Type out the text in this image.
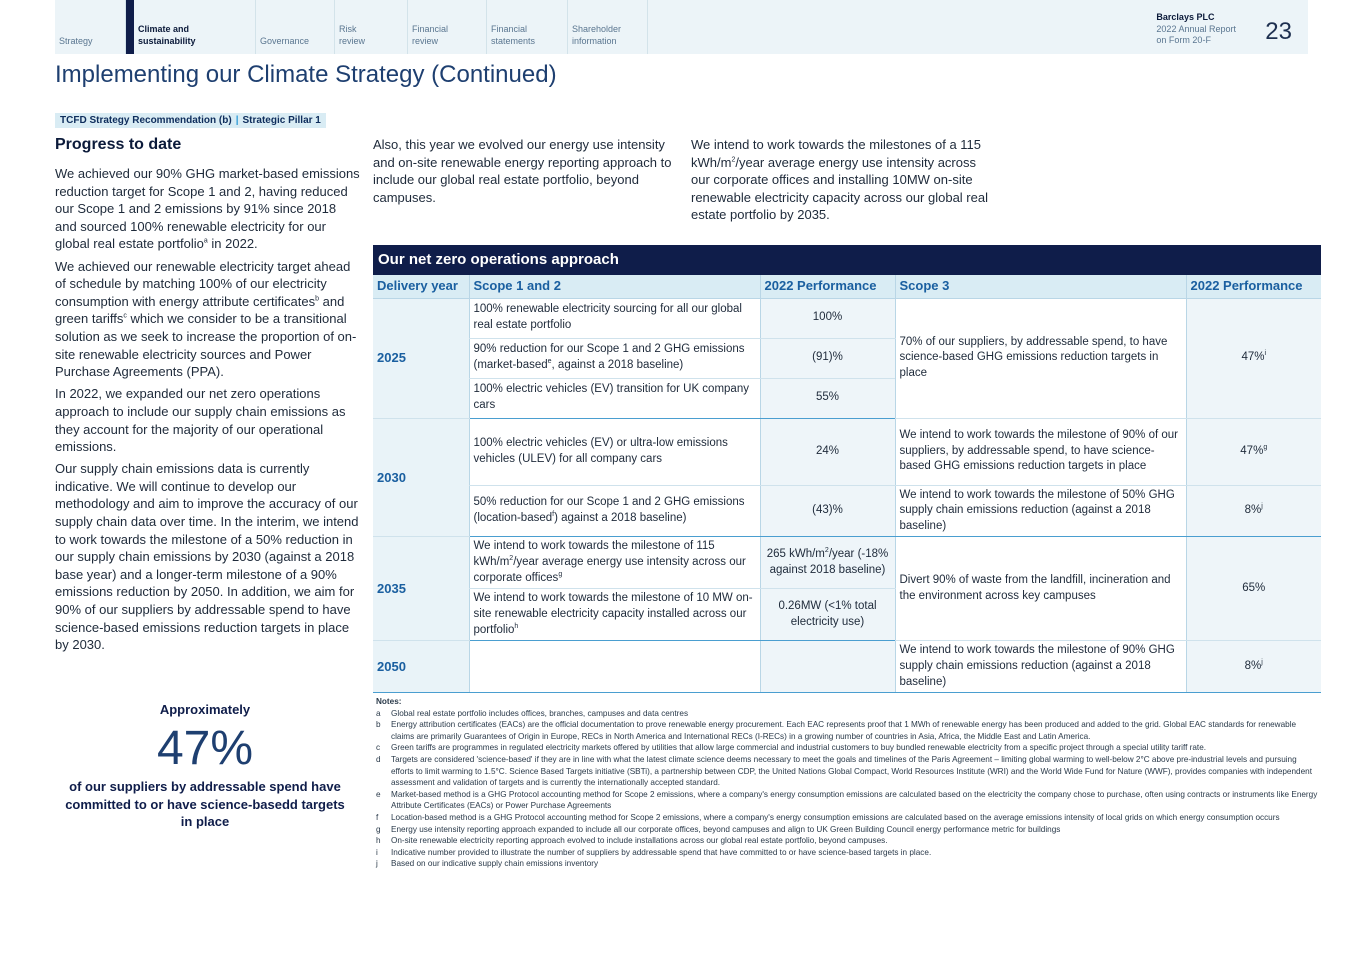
Strategy
Climate and
sustainability	Governance
Risk
review
Financial
review
Financial
statements
Shareholder
information
Barclays PLC
2022 Annual Report
on Form 20-F	23
Implementing our Climate Strategy (Continued)
TCFD Strategy Recommendation (b) | Strategic Pillar 1
Progress to date

We achieved our 90% GHG market-based emissions reduction target for Scope 1 and 2, having reduced our Scope 1 and 2 emissions by 91% since 2018 and sourced 100% renewable electricity for our global real estate portfolio$^a$ in 2022.

We achieved our renewable electricity target ahead of schedule by matching 100% of our electricity consumption with energy attribute certificates$^b$ and green tariffs$^c$ which we consider to be a transitional solution as we seek to increase the proportion of on-site renewable electricity sources and Power Purchase Agreements (PPA).

In 2022, we expanded our net zero operations approach to include our supply chain emissions as they account for the majority of our operational emissions.

Our supply chain emissions data is currently indicative. We will continue to develop our methodology and aim to improve the accuracy of our supply chain data over time. In the interim, we intend to work towards the milestone of a 50% reduction in our supply chain emissions by 2030 (against a 2018 base year) and a longer-term milestone of a 90% emissions reduction by 2050. In addition, we aim for 90% of our suppliers by addressable spend to have science-based emissions reduction targets in place by 2030.

Approximately
47%
of our suppliers by addressable spend have committed to or have science-basedd targets in place
Also, this year we evolved our energy use intensity and on-site renewable energy reporting approach to include our global real estate portfolio, beyond campuses.
We intend to work towards the milestones of a 115 kWh/$m^2$/year average energy use intensity across our corporate offices and installing 10MW on-site renewable electricity capacity across our global real estate portfolio by 2035.
Our net zero operations approach
Delivery year	Scope 1 and 2	2022 Performance	Scope 3	2022 Performance
2025	100% renewable electricity sourcing for all our global real estate portfolio	100%	70% of our suppliers, by addressable spend, to have science-based GHG emissions reduction targets in place	47%$^i$
	90% reduction for our Scope 1 and 2 GHG emissions (market-based$^e$, against a 2018 baseline)	(91)%		
	100% electric vehicles (EV) transition for UK company cars	55%		
2030	100% electric vehicles (EV) or ultra-low emissions vehicles (ULEV) for all company cars	24%	We intend to work towards the milestone of 90% of our suppliers, by addressable spend, to have science-based GHG emissions reduction targets in place	47%$^g$
	50% reduction for our Scope 1 and 2 GHG emissions (location-based$^f$) against a 2018 baseline)	(43)%	We intend to work towards the milestone of 50% GHG supply chain emissions reduction (against a 2018 baseline)	8%$^j$
2035	We intend to work towards the milestone of 115 kWh/$m^2$/year average energy use intensity across our corporate offices$^g$	265 kWh/$m^2$/year (-18% against 2018 baseline)	Divert 90% of waste from the landfill, incineration and the environment across key campuses	65%
	We intend to work towards the milestone of 10 MW on-site renewable electricity capacity installed across our portfolio$^h$	0.26MW (<1% total electricity use)		
2050			We intend to work towards the milestone of 90% GHG supply chain emissions reduction (against a 2018 baseline)	8%$^j$
Notes:
a	Global real estate portfolio includes offices, branches, campuses and data centres
b	Energy attribution certificates (EACs) are the official documentation to prove renewable energy procurement. Each EAC represents proof that 1 MWh of renewable energy has been produced and added to the grid. Global EAC standards for renewable claims are primarily Guarantees of Origin in Europe, RECs in North America and International RECs (I-RECs) in a growing number of countries in Asia, Africa, the Middle East and Latin America.
c	Green tariffs are programmes in regulated electricity markets offered by utilities that allow large commercial and industrial customers to buy bundled renewable electricity from a specific project through a special utility tariff rate.
d	Targets are considered 'science-based' if they are in line with what the latest climate science deems necessary to meet the goals and timelines of the Paris Agreement – limiting global warming to well-below 2°C above pre-industrial levels and pursuing efforts to limit warming to 1.5°C. Science Based Targets initiative (SBTi), a partnership between CDP, the United Nations Global Compact, World Resources Institute (WRI) and the World Wide Fund for Nature (WWF), provides companies with independent assessment and validation of targets and is currently the internationally accepted standard.
e	Market-based method is a GHG Protocol accounting method for Scope 2 emissions, where a company's energy consumption emissions are calculated based on the electricity the company chose to purchase, often using contracts or instruments like Energy Attribute Certificates (EACs) or Power Purchase Agreements
f	Location-based method is a GHG Protocol accounting method for Scope 2 emissions, where a company's energy consumption emissions are calculated based on the average emissions intensity of local grids on which energy consumption occurs
g	Energy use intensity reporting approach expanded to include all our corporate offices, beyond campuses and align to UK Green Building Council energy performance metric for buildings
h	On-site renewable electricity reporting approach evolved to include installations across our global real estate portfolio, beyond campuses.
i	Indicative number provided to illustrate the number of suppliers by addressable spend that have committed to or have science-based targets in place.
j	Based on our indicative supply chain emissions inventory
